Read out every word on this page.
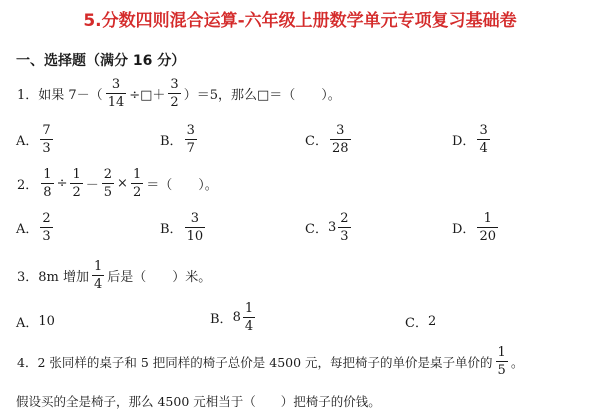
5.分数四则混合运算-六年级上册数学单元专项复习基础卷
一、选择题（满分 16 分）
1．如果 $7-( \frac{3}{14}$ ÷□＋ $\frac{3}{2} )=5$，那么□＝（　　）。
A． $\frac{7}{3}$	B． $\frac{3}{7}$	C． $\frac{3}{28}$	D． $\frac{3}{4}$
2． $\frac{1}{8} \div \frac{1}{2} - \frac{2}{5} \times \frac{1}{2}$ ＝（　　）。
A． $\frac{2}{3}$	B． $\frac{3}{10}$	C． $3 \frac{2}{3}$	D． $\frac{1}{20}$
3．8m 增加 $\frac{1}{4}$ 后是（　　）米。
A． 10	B． $8 \frac{1}{4}$	C． 2
4．2 张同样的桌子和 5 把同样的椅子总价是 4500 元，每把椅子的单价是桌子单价的 $\frac{1}{5}$ 。
假设买的全是椅子，那么 4500 元相当于（　　）把椅子的价钱。
